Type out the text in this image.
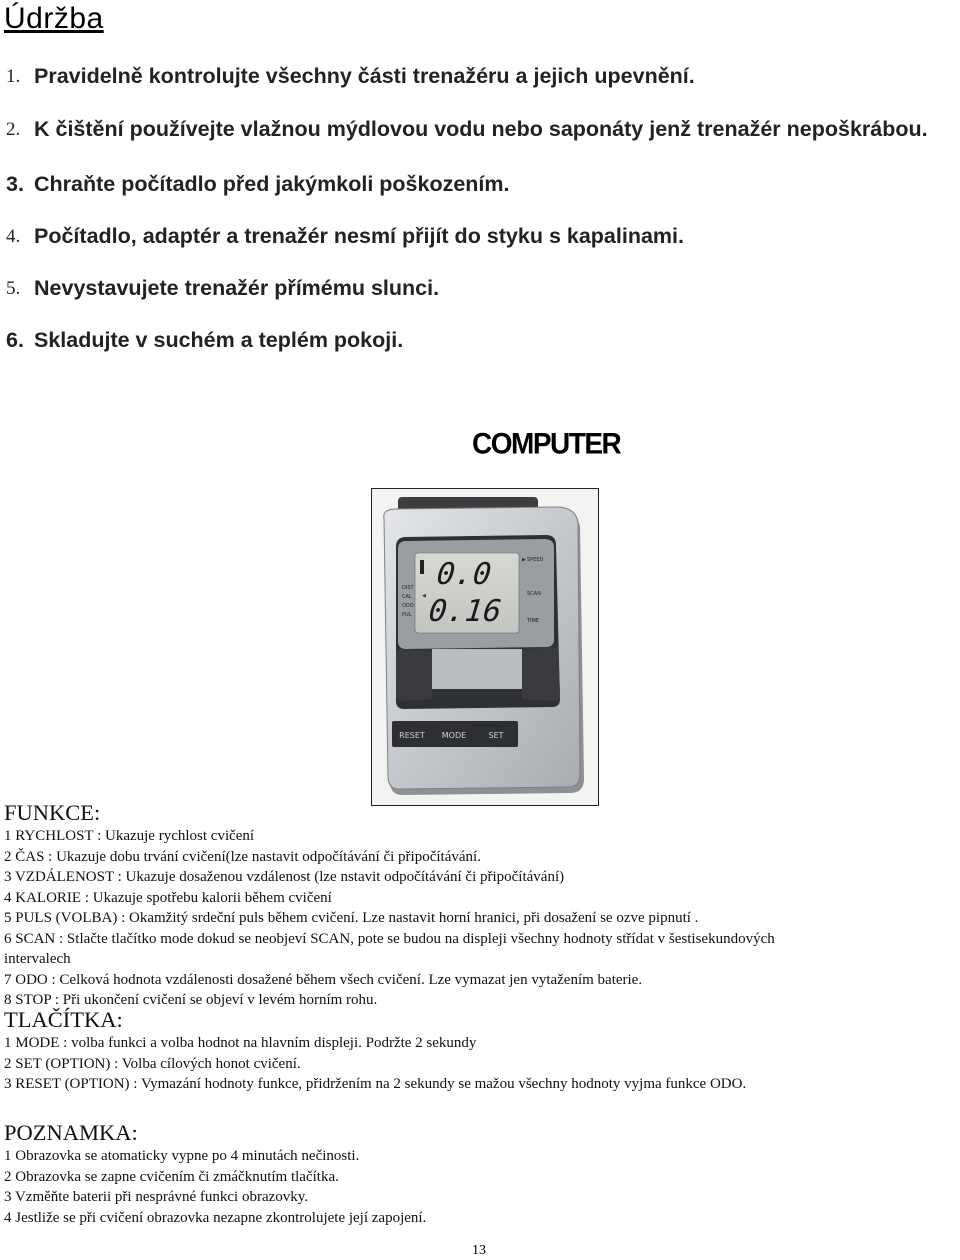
Údržba
1. Pravidelně kontrolujte všechny části trenažéru a jejich upevnění.
2. K čištění používejte vlažnou mýdlovou vodu nebo saponáty jenž trenažér nepoškrábou.
3. Chraňte počítadlo před jakýmkoli poškozením.
4. Počítadlo, adaptér a trenažér nesmí přijít do styku s kapalinami.
5. Nevystavujete trenažér přímému slunci.
6. Skladujte v suchém a teplém pokoji.
COMPUTER
▶
◀
0.0
0.16
DIST
CAL
ODO
PUL
SPEED
SCAN
TIME
RESET MODE	SET
FUNKCE:
1 RYCHLOST : Ukazuje rychlost cvičení
2 ČAS : Ukazuje dobu trvání cvičení(lze nastavit odpočítávání či připočítávání.
3 VZDÁLENOST : Ukazuje dosaženou vzdálenost (lze nstavit odpočítávání či připočítávání)
4 KALORIE : Ukazuje spotřebu kalorii během cvičení
5 PULS (VOLBA) : Okamžitý srdeční puls během cvičení. Lze nastavit horní hranici, při dosažení se ozve pipnutí .
6 SCAN : Stlačte tlačítko mode dokud se neobjeví SCAN, pote se budou na displeji všechny hodnoty střídat v šestisekundových
intervalech
7 ODO : Celková hodnota vzdálenosti dosažené během všech cvičení. Lze vymazat jen vytažením baterie.
8 STOP : Při ukončení cvičení se objeví v levém horním rohu.
TLAČÍTKA:
1 MODE : volba funkci a volba hodnot na hlavním displeji. Podržte 2 sekundy
2 SET (OPTION) : Volba cílových honot cvičení.
3 RESET (OPTION) : Vymazání hodnoty funkce, přidržením na 2 sekundy se mažou všechny hodnoty vyjma funkce ODO.
POZNAMKA:
1 Obrazovka se atomaticky vypne po 4 minutách nečinosti.
2 Obrazovka se zapne cvičením či zmáčknutím tlačítka.
3 Vzměňte baterii při nesprávné funkci obrazovky.
4 Jestliže se při cvičení obrazovka nezapne zkontrolujete její zapojení.
13
